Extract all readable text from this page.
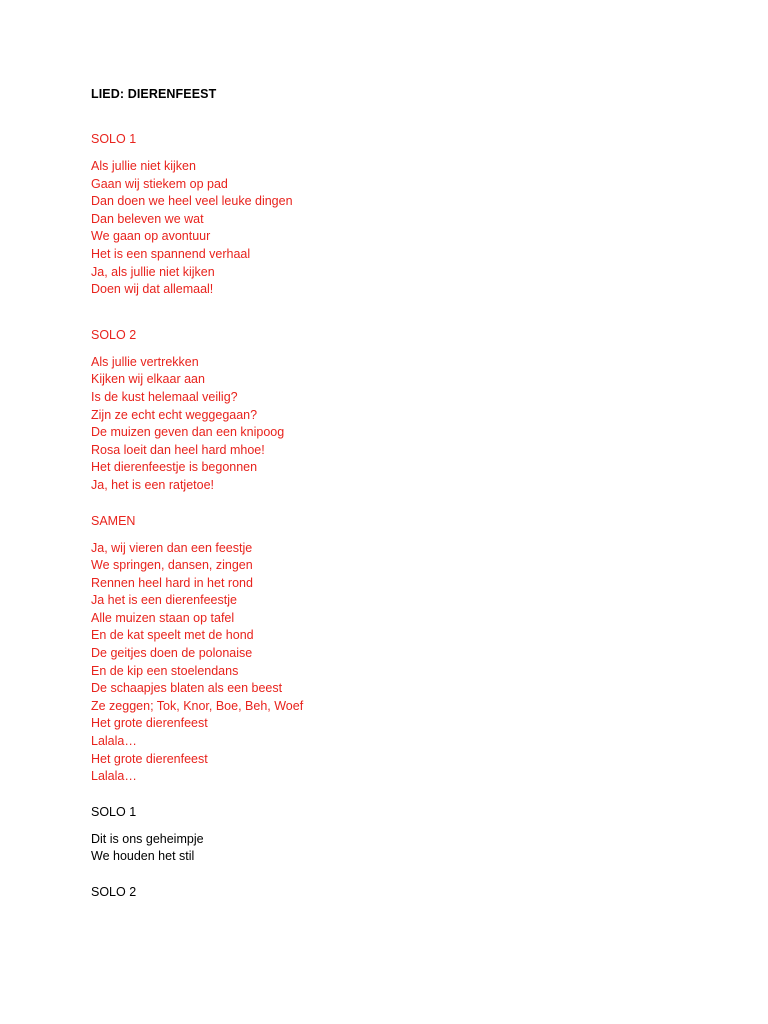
LIED: DIERENFEEST
SOLO 1
Als jullie niet kijken
Gaan wij stiekem op pad
Dan doen we heel veel leuke dingen
Dan beleven we wat
We gaan op avontuur
Het is een spannend verhaal
Ja, als jullie niet kijken
Doen wij dat allemaal!
SOLO 2
Als jullie vertrekken
Kijken wij elkaar aan
Is de kust helemaal veilig?
Zijn ze echt echt weggegaan?
De muizen geven dan een knipoog
Rosa loeit dan heel hard mhoe!
Het dierenfeestje is begonnen
Ja, het is een ratjetoe!
SAMEN
Ja, wij vieren dan een feestje
We springen, dansen, zingen
Rennen heel hard in het rond
Ja het is een dierenfeestje
Alle muizen staan op tafel
En de kat speelt met de hond
De geitjes doen de polonaise
En de kip een stoelendans
De schaapjes blaten als een beest
Ze zeggen; Tok, Knor, Boe, Beh, Woef
Het grote dierenfeest
Lalala…
Het grote dierenfeest
Lalala…
SOLO 1
Dit is ons geheimpje
We houden het stil
SOLO 2
